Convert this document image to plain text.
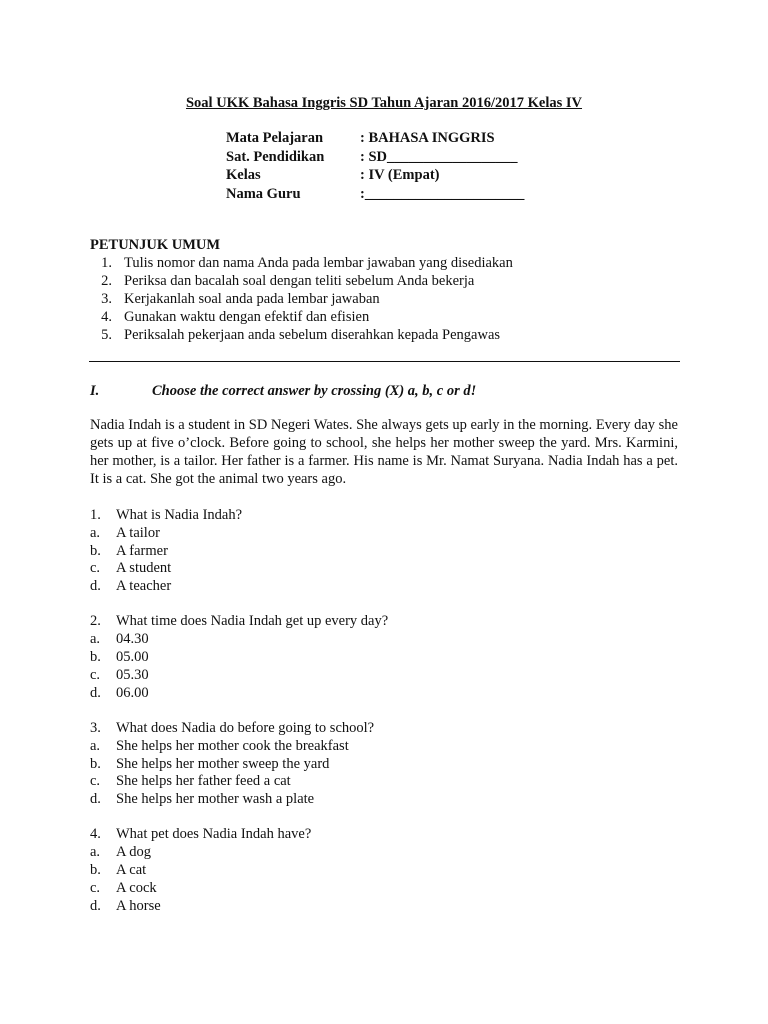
Soal UKK Bahasa Inggris SD Tahun Ajaran 2016/2017 Kelas IV
Mata Pelajaran	: BAHASA INGGRIS
Sat. Pendidikan	: SD__________________
Kelas	: IV (Empat)
Nama Guru	:______________________
PETUNJUK UMUM
1. Tulis nomor dan nama Anda pada lembar jawaban yang disediakan
2. Periksa dan bacalah soal dengan teliti sebelum Anda bekerja
3. Kerjakanlah soal anda pada lembar jawaban
4. Gunakan waktu dengan efektif dan efisien
5. Periksalah pekerjaan anda sebelum diserahkan kepada Pengawas
I.	Choose the correct answer by crossing (X) a, b, c or d!
Nadia Indah is a student in SD Negeri Wates. She always gets up early in the morning. Every day she gets up at five o’clock. Before going to school, she helps her mother sweep the yard. Mrs. Karmini, her mother, is a tailor. Her father is a farmer. His name is Mr. Namat Suryana. Nadia Indah has a pet. It is a cat. She got the animal two years ago.
1.	What is Nadia Indah?
a.	A tailor
b.	A farmer
c.	A student
d.	A teacher
2.	What time does Nadia Indah get up every day?
a.	04.30
b.	05.00
c.	05.30
d.	06.00
3.	What does Nadia do before going to school?
a.	She helps her mother cook the breakfast
b.	She helps her mother sweep the yard
c.	She helps her father feed a cat
d.	She helps her mother wash a plate
4.	What pet does Nadia Indah have?
a.	A dog
b.	A cat
c.	A cock
d.	A horse
